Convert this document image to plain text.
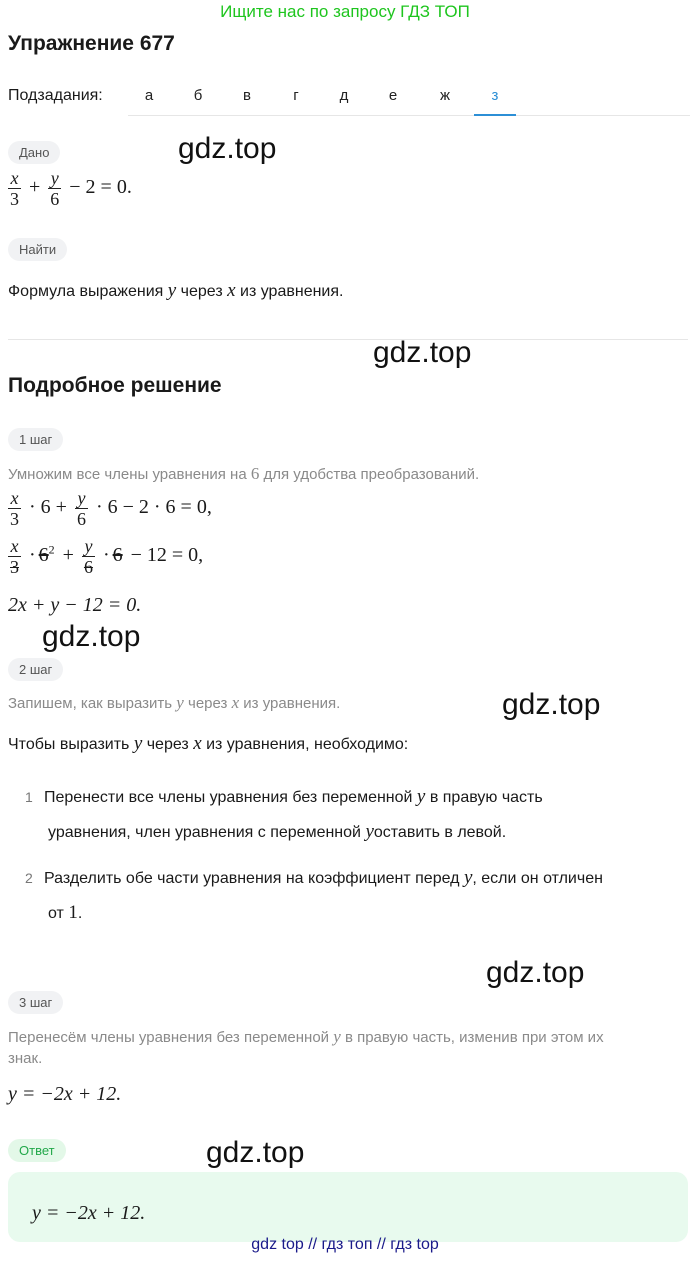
Ищите нас по запросу ГДЗ ТОП
Упражнение 677
Подзадания:	а	б	в	г	д	е	ж	з
Дано	gdz.top
$\frac{x}{3} + \frac{y}{6} - 2 = 0$.
Найти
Формула выражения y через x из уравнения.
gdz.top
Подробное решение
1 шаг
Умножим все члены уравнения на 6 для удобства преобразований.
$\frac{x}{3} \cdot 6 + \frac{y}{6} \cdot 6 - 2 \cdot 6 = 0$,
$\frac{x}{3} \cdot 6^2 + \frac{y}{6} \cdot 6 - 12 = 0$,
2x + y − 12 = 0.
gdz.top
2 шаг
Запишем, как выразить y через x из уравнения.	gdz.top
Чтобы выразить y через x из уравнения, необходимо:
1 Перенести все члены уравнения без переменной y в правую часть
уравнения, член уравнения с переменной yоставить в левой.
2 Разделить обе части уравнения на коэффициент перед y, если он отличен
от 1.
gdz.top
3 шаг
Перенесём члены уравнения без переменной y в правую часть, изменив при этом их
знак.
y = −2x + 12.
Ответ	gdz.top
y = −2x + 12.
gdz top // гдз топ // гдз top
